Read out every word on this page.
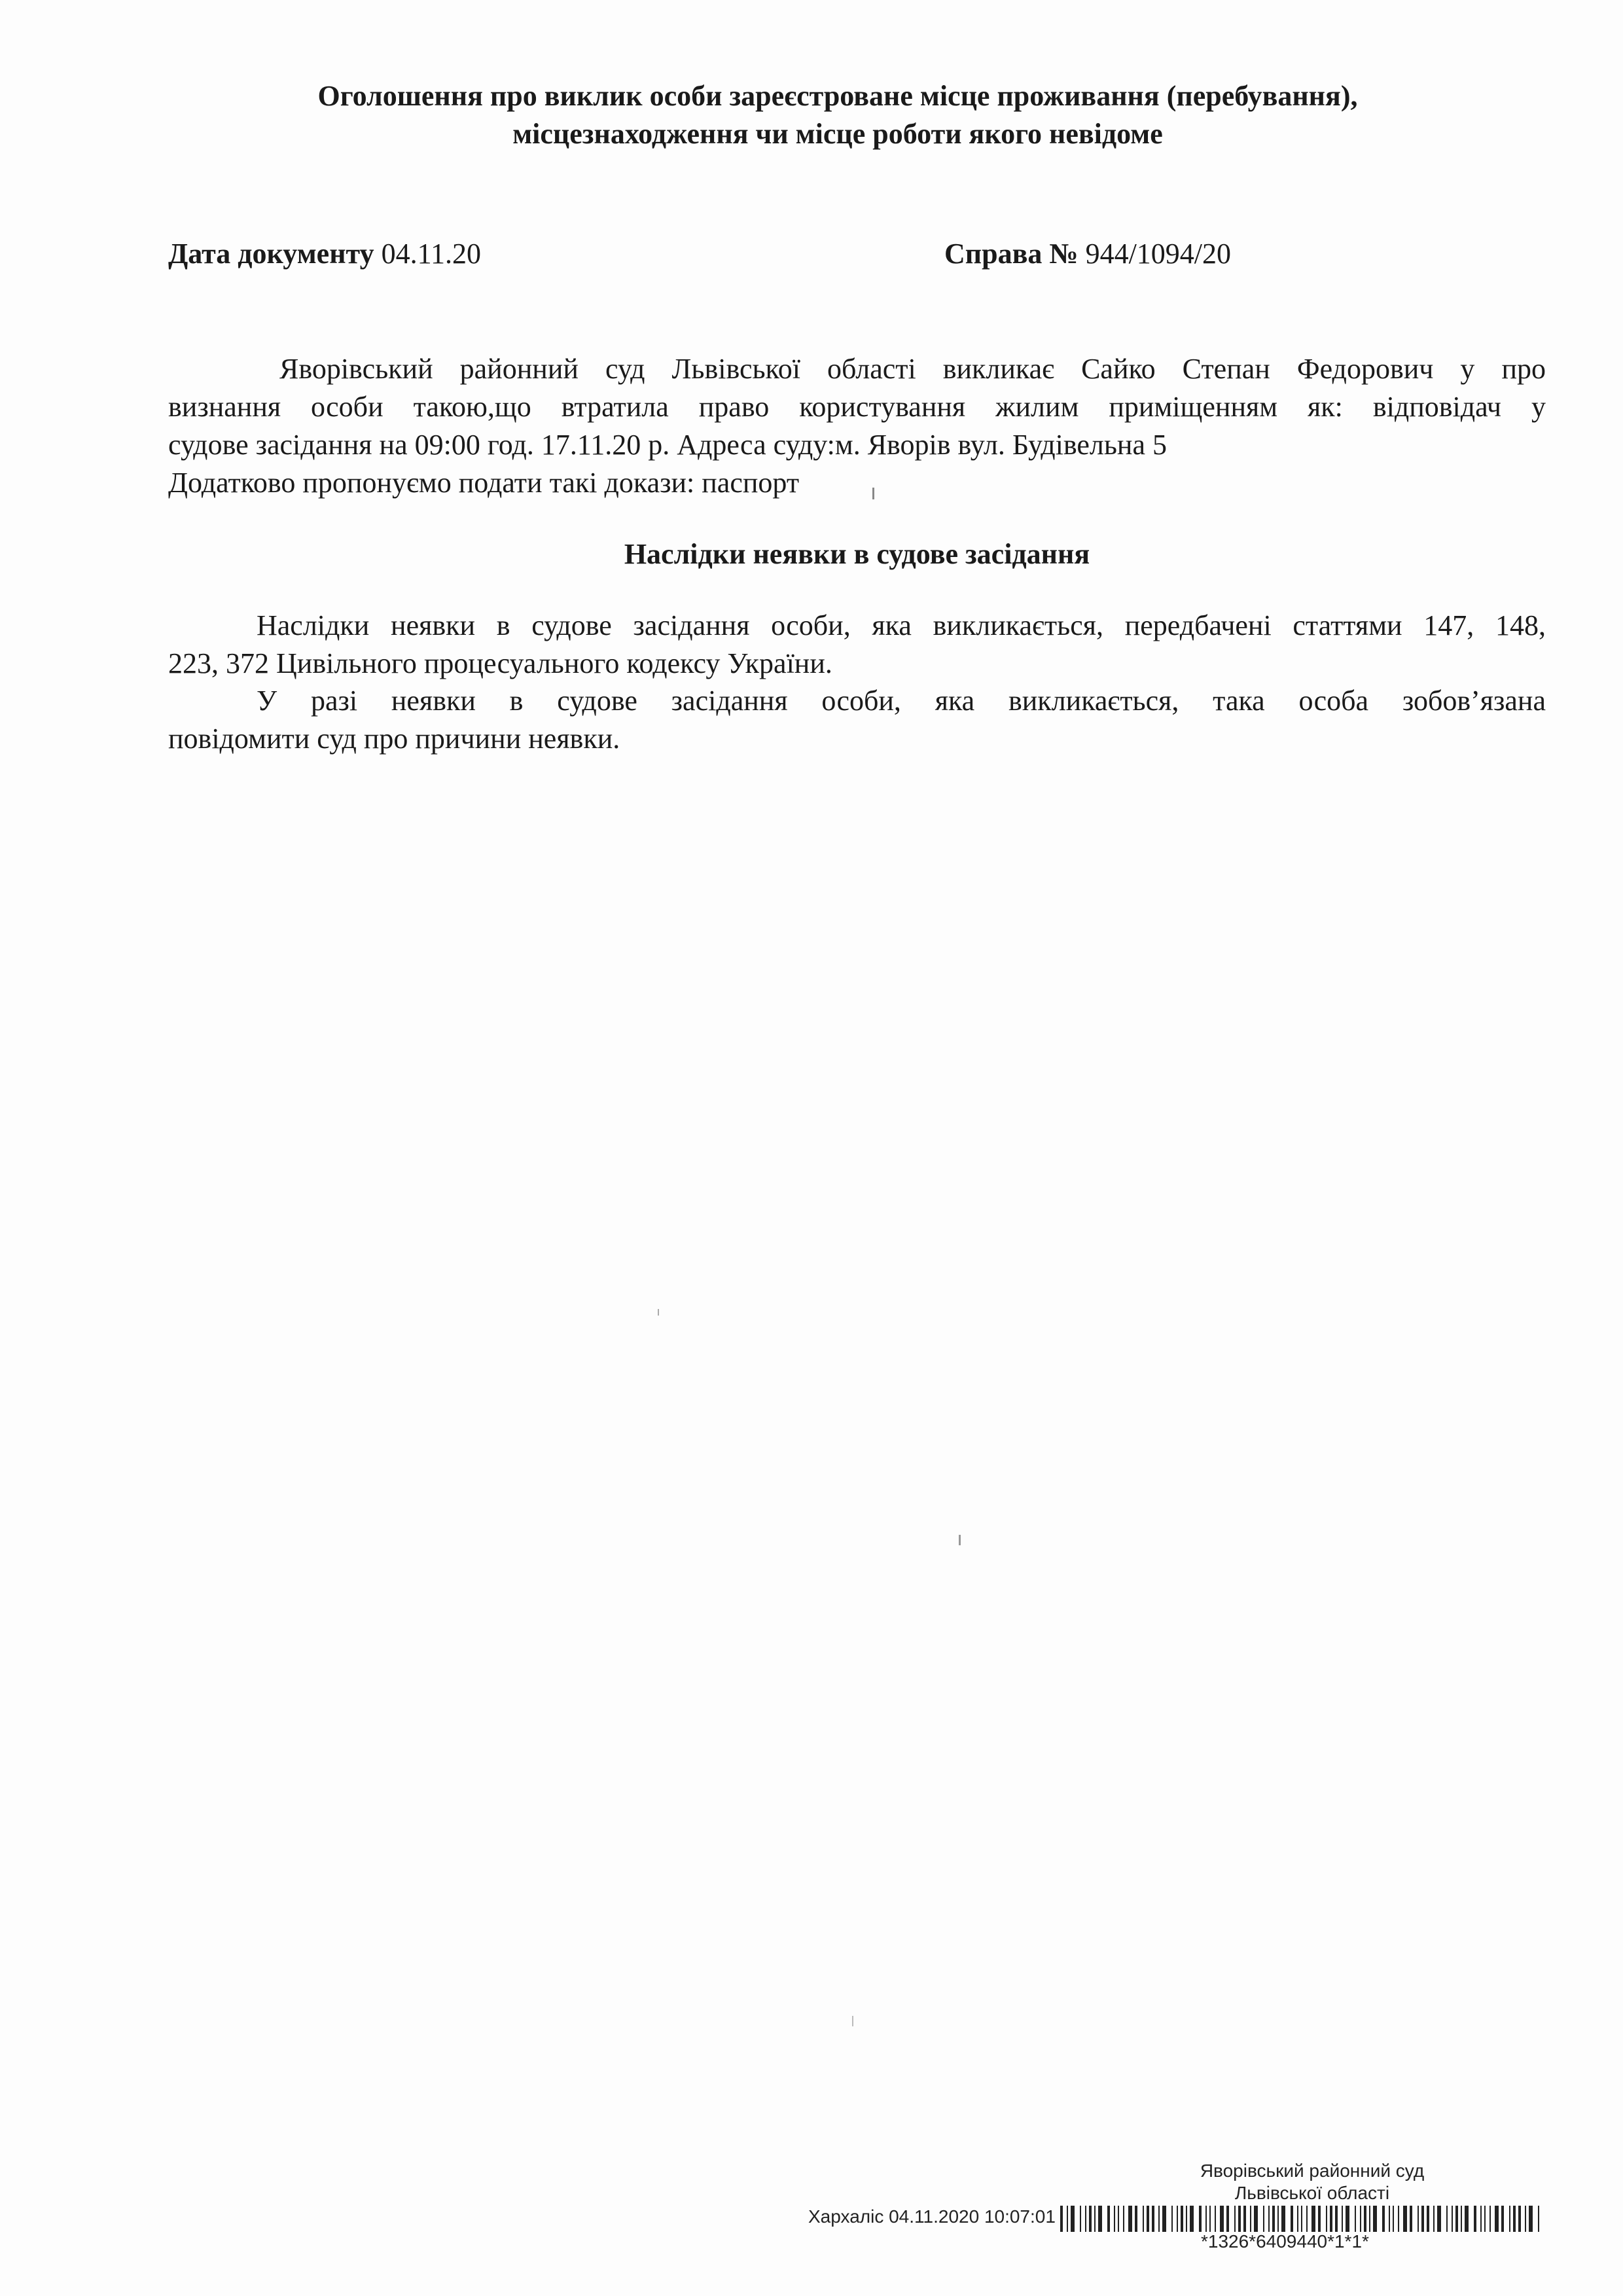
Оголошення про виклик особи зареєстроване місце проживання (перебування),
місцезнаходження чи місце роботи якого невідоме
Дата документу 04.11.20	Справа № 944/1094/20
Яворівський районний суд Львівської області викликає Сайко Степан Федорович у про
визнання особи такою,що втратила право користування жилим приміщенням як: відповідач у
судове засідання на 09:00 год. 17.11.20 р. Адреса суду:м. Яворів вул. Будівельна 5
Додатково пропонуємо подати такі докази: паспорт
Наслідки неявки в судове засідання
Наслідки неявки в судове засідання особи, яка викликається, передбачені статтями 147, 148,
223, 372 Цивільного процесуального кодексу України.
У разі неявки в судове засідання особи, яка викликається, така особа зобов’язана
повідомити суд про причини неявки.
Яворівський районний суд
Львівської області
Хархаліс 04.11.2020 10:07:01
*1326*6409440*1*1*
